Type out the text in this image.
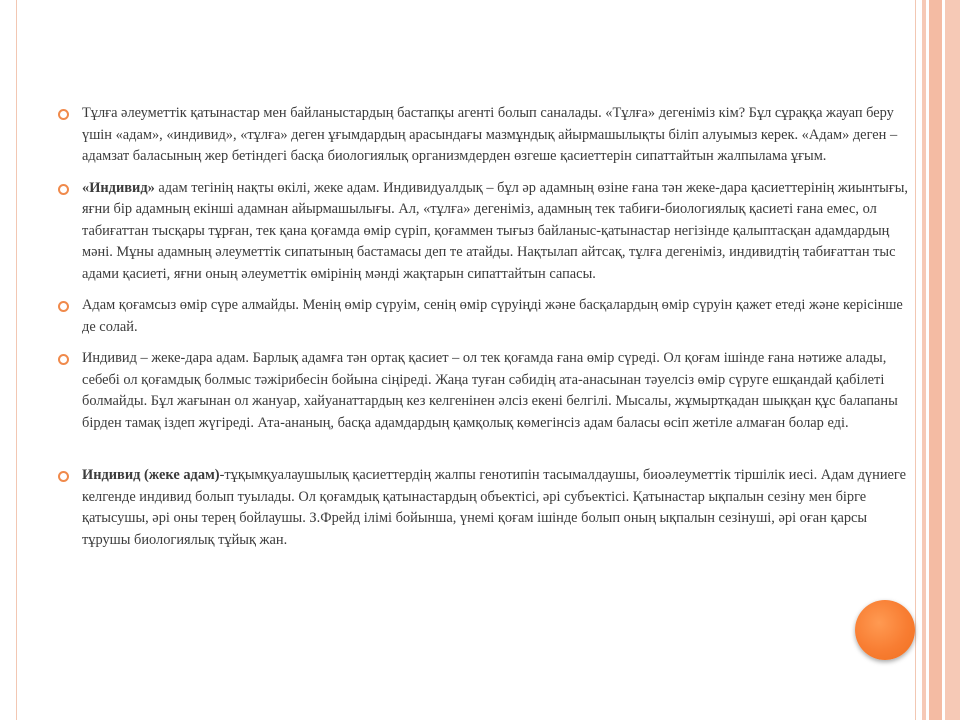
Тұлға әлеуметтік қатынастар мен байланыстардың бастапқы агенті болып саналады. «Тұлға» дегеніміз кім? Бұл сұраққа жауап беру үшін «адам», «индивид», «тұлға» деген ұғымдардың арасындағы мазмұндық айырмашылықты біліп алуымыз керек. «Адам» деген – адамзат баласының жер бетіндегі басқа биологиялық организмдерден өзгеше қасиеттерін сипаттайтын жалпылама ұғым.
«Индивид» адам тегінің нақты өкілі, жеке адам. Индивидуалдық – бұл әр адамның өзіне ғана тән жеке-дара қасиеттерінің жиынтығы, яғни бір адамның екінші адамнан айырмашылығы. Ал, «тұлға» дегеніміз, адамның тек табиғи-биологиялық қасиеті ғана емес, ол табиғаттан тысқары тұрған, тек қана қоғамда өмір сүріп, қоғаммен тығыз байланыс-қатынастар негізінде қалыптасқан адамдардың мәні. Мұны адамның әлеуметтік сипатының бастамасы деп те атайды. Нақтылап айтсақ, тұлға дегеніміз, индивидтің табиғаттан тыс адами қасиеті, яғни оның әлеуметтік өмірінің мәнді жақтарын сипаттайтын сапасы.
Адам қоғамсыз өмір сүре алмайды. Менің өмір сүруім, сенің өмір сүруіңді және басқалардың өмір сүруін қажет етеді және керісінше де солай.
Индивид – жеке-дара адам. Барлық адамға тән ортақ қасиет – ол тек қоғамда ғана өмір сүреді. Ол қоғам ішінде ғана нәтиже алады, себебі ол қоғамдық болмыс тәжірибесін бойына сіңіреді. Жаңа туған сәбидің ата-анасынан тәуелсіз өмір сүруге ешқандай қабілеті болмайды. Бұл жағынан ол жануар, хайуанаттардың кез келгенінен әлсіз екені белгілі. Мысалы, жұмыртқадан шыққан құс балапаны бірден тамақ іздеп жүгіреді. Ата-ананың, басқа адамдардың қамқолық көмегінсіз адам баласы өсіп жетіле алмаған болар еді.
Индивид (жеке адам)-тұқымқуалаушылық қасиеттердің жалпы генотипін тасымалдаушы, биоәлеуметтік тіршілік иесі. Адам дүниеге келгенде индивид болып туылады. Ол қоғамдық қатынастардың объектісі, әрі субъектісі. Қатынастар ықпалын сезіну мен бірге қатысушы, әрі оны терең бойлаушы. З.Фрейд ілімі бойынша, үнемі қоғам ішінде болып оның ықпалын сезінуші, әрі оған қарсы тұрушы биологиялық тұйық жан.
